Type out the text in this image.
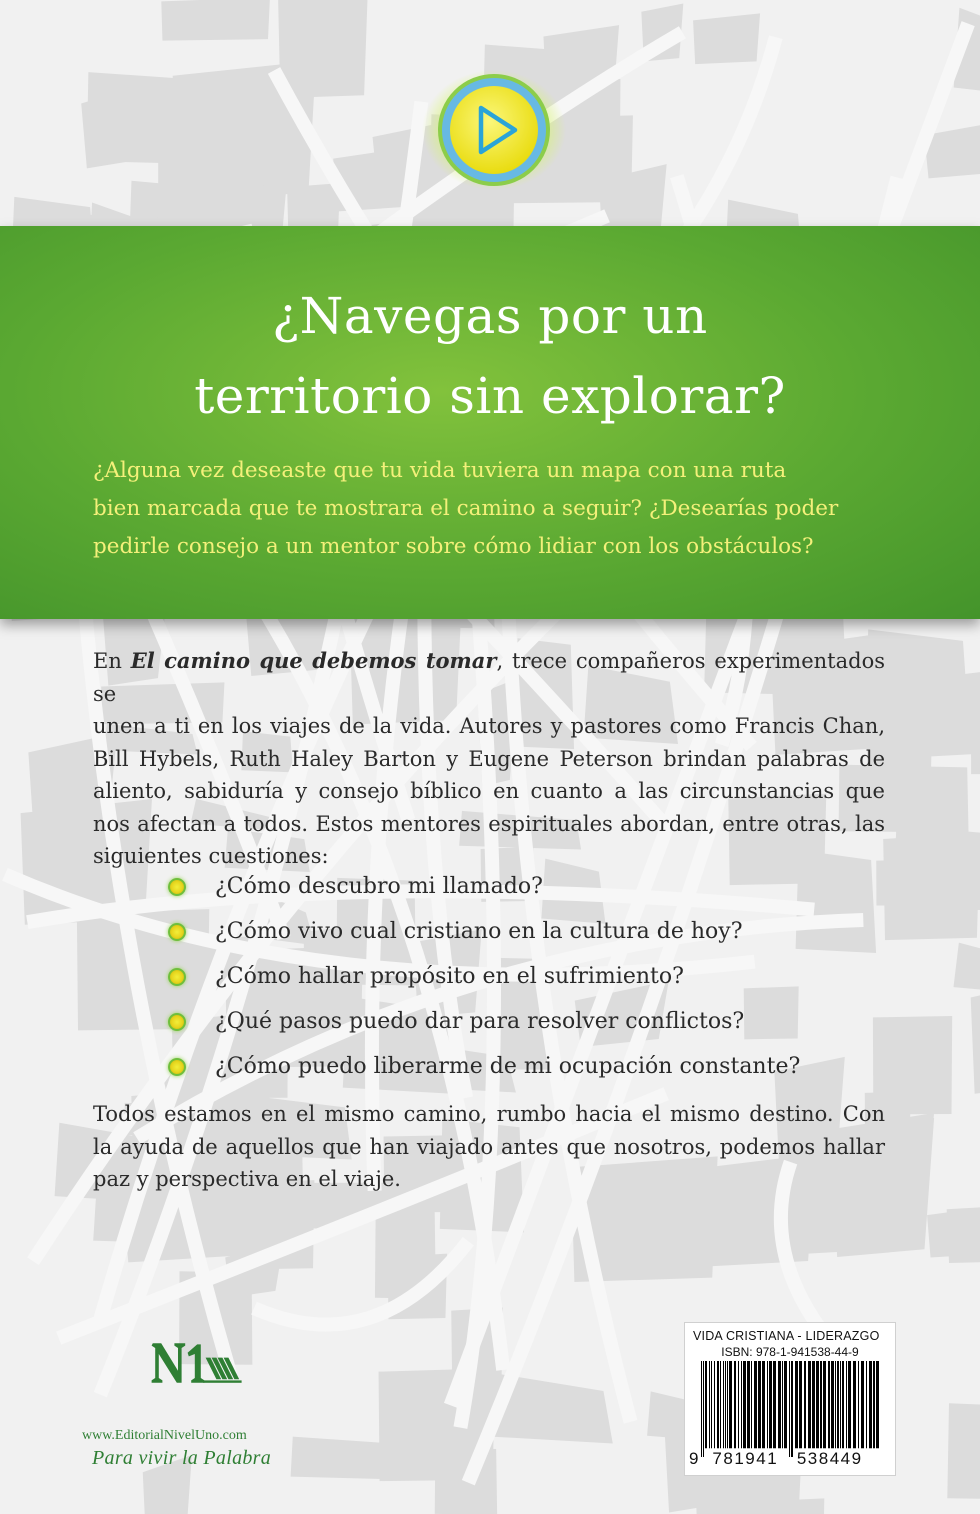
¿Navegas por un
territorio sin explorar?
¿Alguna vez deseaste que tu vida tuviera un mapa con una ruta
bien marcada que te mostrara el camino a seguir? ¿Desearías poder
pedirle consejo a un mentor sobre cómo lidiar con los obstáculos?
En El camino que debemos tomar, trece compañeros experimentados se
unen a ti en los viajes de la vida. Autores y pastores como Francis Chan,
Bill Hybels, Ruth Haley Barton y Eugene Peterson brindan palabras de
aliento, sabiduría y consejo bíblico en cuanto a las circunstancias que
nos afectan a todos. Estos mentores espirituales abordan, entre otras, las
siguientes cuestiones:
¿Cómo descubro mi llamado?
¿Cómo vivo cual cristiano en la cultura de hoy?
¿Cómo hallar propósito en el sufrimiento?
¿Qué pasos puedo dar para resolver conflictos?
¿Cómo puedo liberarme de mi ocupación constante?
Todos estamos en el mismo camino, rumbo hacia el mismo destino. Con
la ayuda de aquellos que han viajado antes que nosotros, podemos hallar
paz y perspectiva en el viaje.
www.EditorialNivelUno.com
Para vivir la Palabra
VIDA CRISTIANA - LIDERAZGO
ISBN: 978-1-941538-44-9
9 781941 538449
